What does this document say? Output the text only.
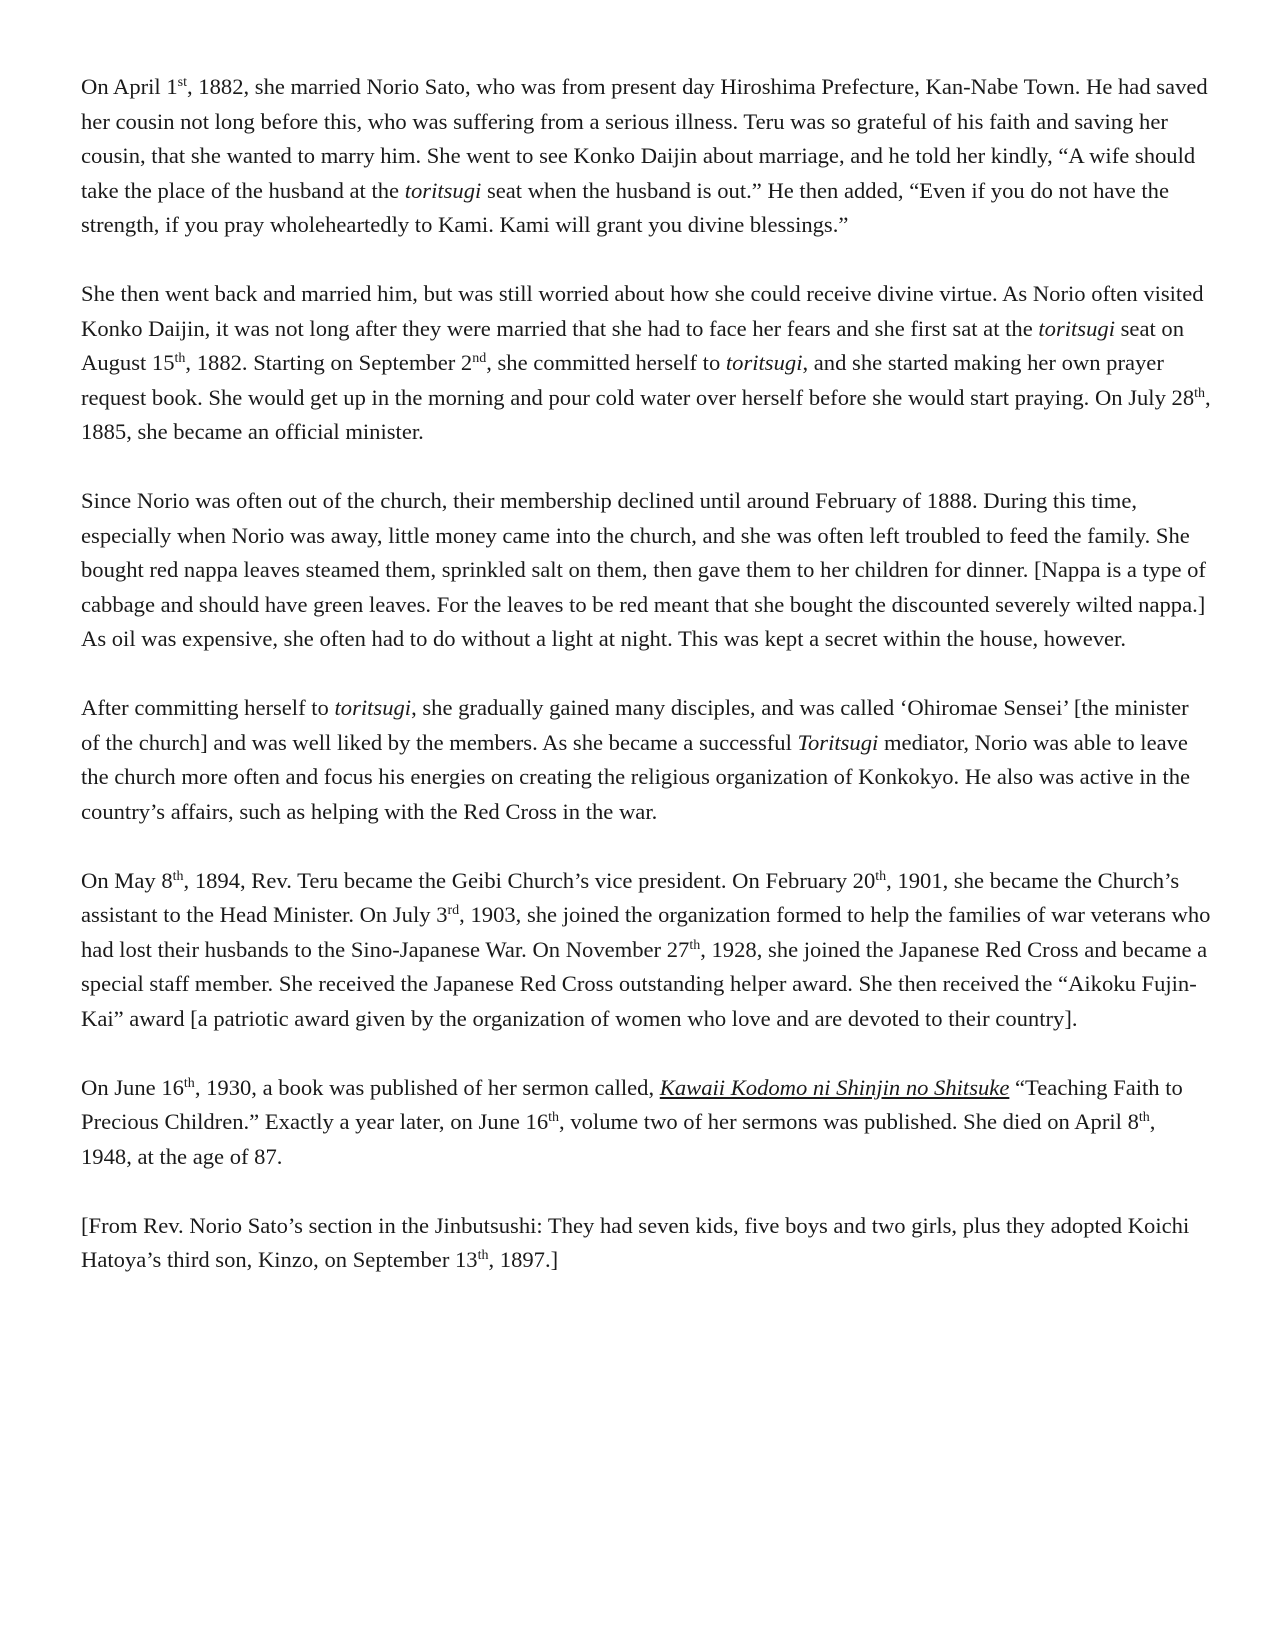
On April 1st, 1882, she married Norio Sato, who was from present day Hiroshima Prefecture, Kan-Nabe Town. He had saved her cousin not long before this, who was suffering from a serious illness. Teru was so grateful of his faith and saving her cousin, that she wanted to marry him. She went to see Konko Daijin about marriage, and he told her kindly, “A wife should take the place of the husband at the toritsugi seat when the husband is out.” He then added, “Even if you do not have the strength, if you pray wholeheartedly to Kami. Kami will grant you divine blessings.”

She then went back and married him, but was still worried about how she could receive divine virtue. As Norio often visited Konko Daijin, it was not long after they were married that she had to face her fears and she first sat at the toritsugi seat on August 15th, 1882. Starting on September 2nd, she committed herself to toritsugi, and she started making her own prayer request book. She would get up in the morning and pour cold water over herself before she would start praying. On July 28th, 1885, she became an official minister.

Since Norio was often out of the church, their membership declined until around February of 1888. During this time, especially when Norio was away, little money came into the church, and she was often left troubled to feed the family. She bought red nappa leaves steamed them, sprinkled salt on them, then gave them to her children for dinner. [Nappa is a type of cabbage and should have green leaves. For the leaves to be red meant that she bought the discounted severely wilted nappa.] As oil was expensive, she often had to do without a light at night. This was kept a secret within the house, however.

After committing herself to toritsugi, she gradually gained many disciples, and was called ‘Ohiromae Sensei’ [the minister of the church] and was well liked by the members. As she became a successful Toritsugi mediator, Norio was able to leave the church more often and focus his energies on creating the religious organization of Konkokyo. He also was active in the country’s affairs, such as helping with the Red Cross in the war.

On May 8th, 1894, Rev. Teru became the Geibi Church’s vice president. On February 20th, 1901, she became the Church’s assistant to the Head Minister. On July 3rd, 1903, she joined the organization formed to help the families of war veterans who had lost their husbands to the Sino-Japanese War. On November 27th, 1928, she joined the Japanese Red Cross and became a special staff member. She received the Japanese Red Cross outstanding helper award. She then received the “Aikoku Fujin-Kai” award [a patriotic award given by the organization of women who love and are devoted to their country].

On June 16th, 1930, a book was published of her sermon called, Kawaii Kodomo ni Shinjin no Shitsuke “Teaching Faith to Precious Children.” Exactly a year later, on June 16th, volume two of her sermons was published. She died on April 8th, 1948, at the age of 87.

[From Rev. Norio Sato’s section in the Jinbutsushi: They had seven kids, five boys and two girls, plus they adopted Koichi Hatoya’s third son, Kinzo, on September 13th, 1897.]
